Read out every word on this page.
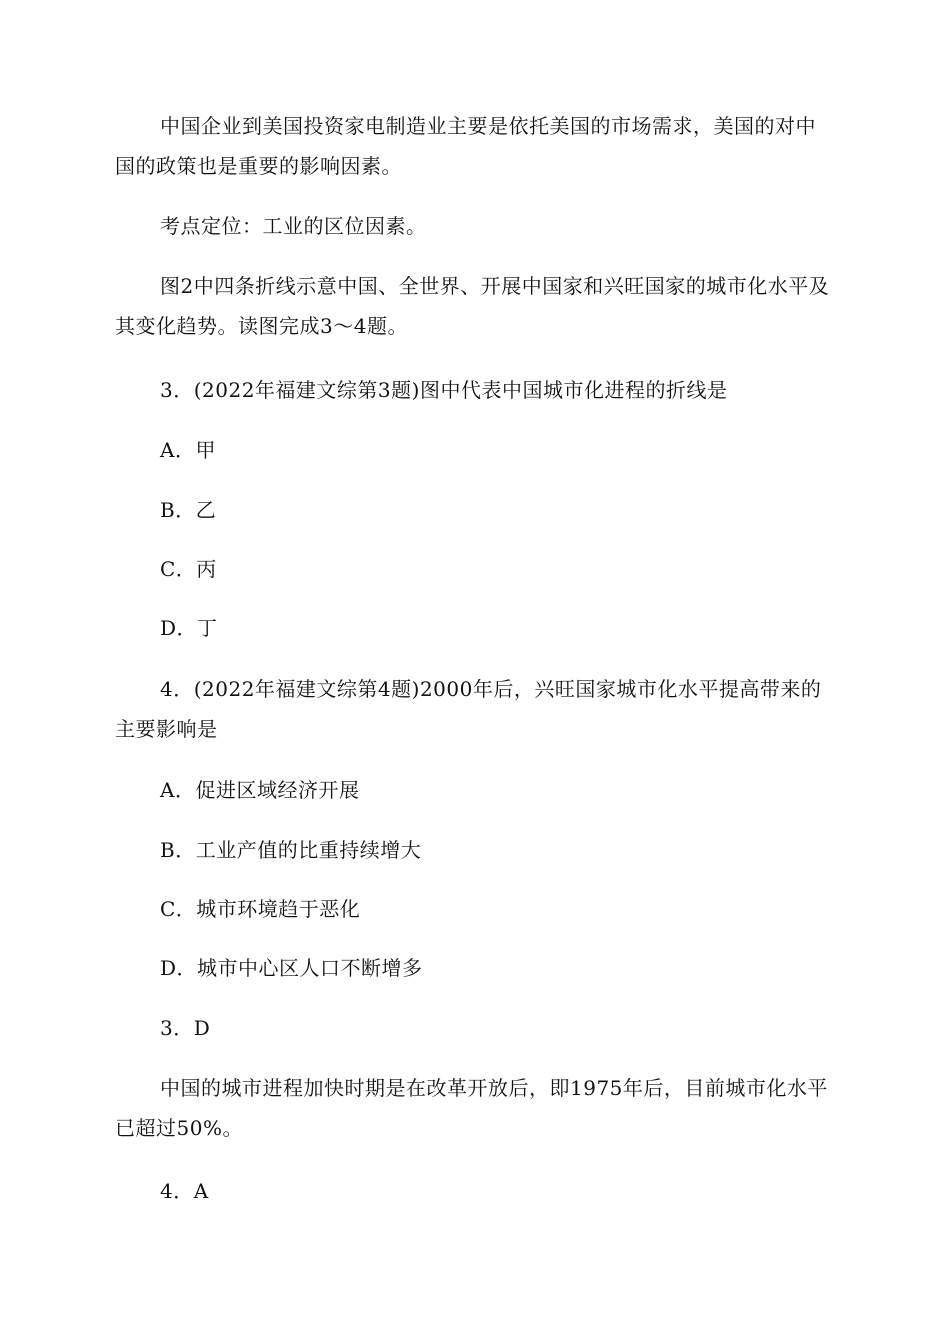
中国企业到美国投资家电制造业主要是依托美国的市场需求，美国的对中国的政策也是重要的影响因素。

考点定位：工业的区位因素。

图2中四条折线示意中国、全世界、开展中国家和兴旺国家的城市化水平及其变化趋势。读图完成3～4题。

3．(2022年福建文综第3题)图中代表中国城市化进程的折线是

A．甲

B．乙

C．丙

D．丁

4．(2022年福建文综第4题)2000年后，兴旺国家城市化水平提高带来的主要影响是

A．促进区域经济开展

B．工业产值的比重持续增大

C．城市环境趋于恶化

D．城市中心区人口不断增多

3．D

中国的城市进程加快时期是在改革开放后，即1975年后，目前城市化水平已超过50%。

4．A
